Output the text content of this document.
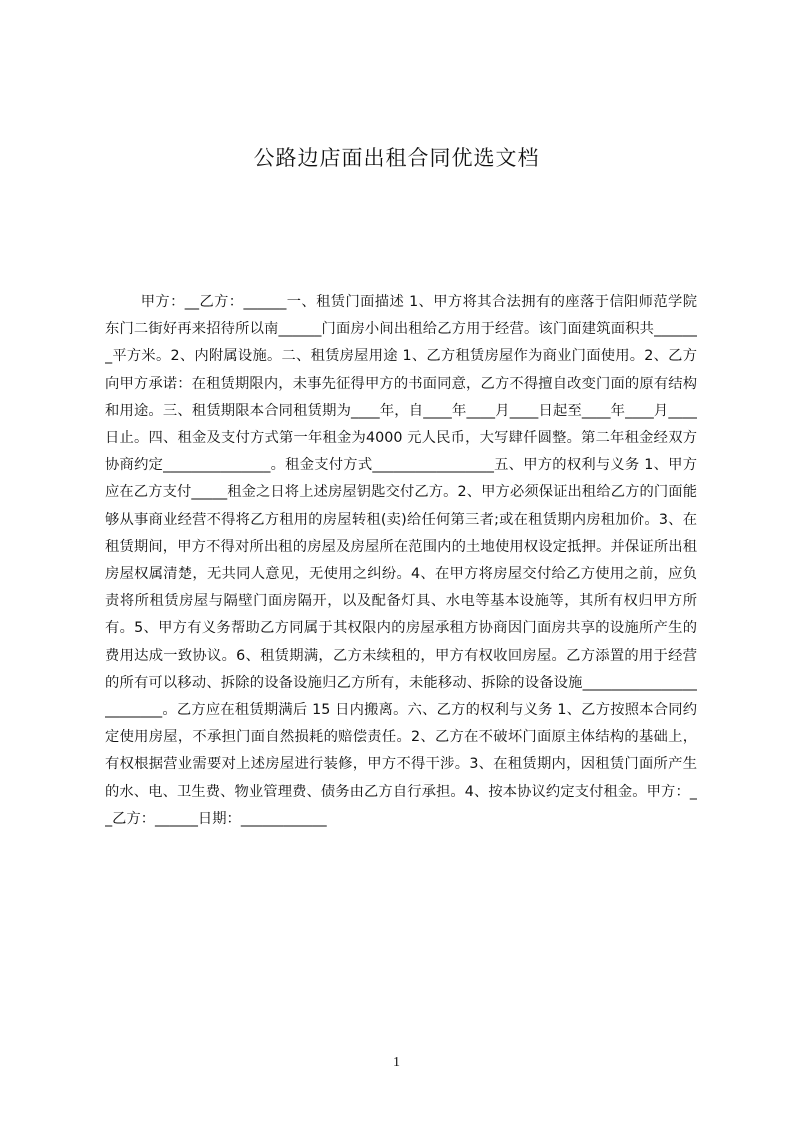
公路边店面出租合同优选文档

甲方：__乙方：______一、租赁门面描述 1、甲方将其合法拥有的座落于信阳师范学院东门二街好再来招待所以南______门面房小间出租给乙方用于经营。该门面建筑面积共_______平方米。2、内附属设施。二、租赁房屋用途 1、乙方租赁房屋作为商业门面使用。2、乙方向甲方承诺：在租赁期限内，未事先征得甲方的书面同意，乙方不得擅自改变门面的原有结构和用途。三、租赁期限本合同租赁期为____年，自____年____月____日起至____年____月____日止。四、租金及支付方式第一年租金为4000 元人民币，大写肆仟圆整。第二年租金经双方协商约定_______________。租金支付方式_________________五、甲方的权利与义务 1、甲方应在乙方支付_____租金之日将上述房屋钥匙交付乙方。2、甲方必须保证出租给乙方的门面能够从事商业经营不得将乙方租用的房屋转租(卖)给任何第三者;或在租赁期内房租加价。3、在租赁期间，甲方不得对所出租的房屋及房屋所在范围内的土地使用权设定抵押。并保证所出租房屋权属清楚，无共同人意见，无使用之纠纷。4、在甲方将房屋交付给乙方使用之前，应负责将所租赁房屋与隔壁门面房隔开，以及配备灯具、水电等基本设施等，其所有权归甲方所有。5、甲方有义务帮助乙方同属于其权限内的房屋承租方协商因门面房共享的设施所产生的费用达成一致协议。6、租赁期满，乙方未续租的，甲方有权收回房屋。乙方添置的用于经营的所有可以移动、拆除的设备设施归乙方所有，未能移动、拆除的设备设施________________________。乙方应在租赁期满后 15 日内搬离。六、乙方的权利与义务 1、乙方按照本合同约定使用房屋，不承担门面自然损耗的赔偿责任。2、乙方在不破坏门面原主体结构的基础上，有权根据营业需要对上述房屋进行装修，甲方不得干涉。3、在租赁期内，因租赁门面所产生的水、电、卫生费、物业管理费、债务由乙方自行承担。4、按本协议约定支付租金。甲方：__乙方：______日期：____________

1
